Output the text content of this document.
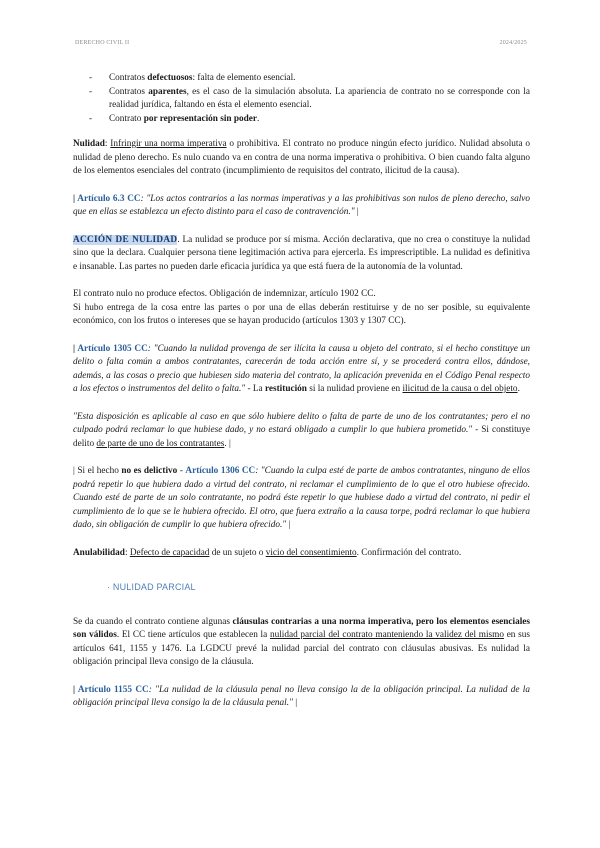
DERECHO CIVIL II	2024/2025
- Contratos defectuosos: falta de elemento esencial.
- Contratos aparentes, es el caso de la simulación absoluta. La apariencia de contrato no se corresponde con la realidad jurídica, faltando en ésta el elemento esencial.
- Contrato por representación sin poder.

Nulidad: Infringir una norma imperativa o prohibitiva. El contrato no produce ningún efecto jurídico. Nulidad absoluta o nulidad de pleno derecho. Es nulo cuando va en contra de una norma imperativa o prohibitiva. O bien cuando falta alguno de los elementos esenciales del contrato (incumplimiento de requisitos del contrato, ilicitud de la causa).

| Artículo 6.3 CC: "Los actos contrarios a las normas imperativas y a las prohibitivas son nulos de pleno derecho, salvo que en ellas se establezca un efecto distinto para el caso de contravención." |

ACCIÓN DE NULIDAD. La nulidad se produce por sí misma. Acción declarativa, que no crea o constituye la nulidad sino que la declara. Cualquier persona tiene legitimación activa para ejercerla. Es imprescriptible. La nulidad es definitiva e insanable. Las partes no pueden darle eficacia jurídica ya que está fuera de la autonomía de la voluntad.

El contrato nulo no produce efectos. Obligación de indemnizar, artículo 1902 CC.

Si hubo entrega de la cosa entre las partes o por una de ellas deberán restituirse y de no ser posible, su equivalente económico, con los frutos o intereses que se hayan producido (artículos 1303 y 1307 CC).

| Artículo 1305 CC: "Cuando la nulidad provenga de ser ilícita la causa u objeto del contrato, si el hecho constituye un delito o falta común a ambos contratantes, carecerán de toda acción entre sí, y se procederá contra ellos, dándose, además, a las cosas o precio que hubiesen sido materia del contrato, la aplicación prevenida en el Código Penal respecto a los efectos o instrumentos del delito o falta." - La restitución si la nulidad proviene en ilicitud de la causa o del objeto.

"Esta disposición es aplicable al caso en que sólo hubiere delito o falta de parte de uno de los contratantes; pero el no culpado podrá reclamar lo que hubiese dado, y no estará obligado a cumplir lo que hubiera prometido." - Si constituye delito de parte de uno de los contratantes. |

| Si el hecho no es delictivo - Artículo 1306 CC: "Cuando la culpa esté de parte de ambos contratantes, ninguno de ellos podrá repetir lo que hubiera dado a virtud del contrato, ni reclamar el cumplimiento de lo que el otro hubiese ofrecido. Cuando esté de parte de un solo contratante, no podrá éste repetir lo que hubiese dado a virtud del contrato, ni pedir el cumplimiento de lo que se le hubiera ofrecido. El otro, que fuera extraño a la causa torpe, podrá reclamar lo que hubiera dado, sin obligación de cumplir lo que hubiera ofrecido." |

Anulabilidad: Defecto de capacidad de un sujeto o vicio del consentimiento. Confirmación del contrato.

· NULIDAD PARCIAL

Se da cuando el contrato contiene algunas cláusulas contrarias a una norma imperativa, pero los elementos esenciales son válidos. El CC tiene artículos que establecen la nulidad parcial del contrato manteniendo la validez del mismo en sus artículos 641, 1155 y 1476. La LGDCU prevé la nulidad parcial del contrato con cláusulas abusivas. Es nulidad la obligación principal lleva consigo de la cláusula.

| Artículo 1155 CC: "La nulidad de la cláusula penal no lleva consigo la de la obligación principal. La nulidad de la obligación principal lleva consigo la de la cláusula penal." |
